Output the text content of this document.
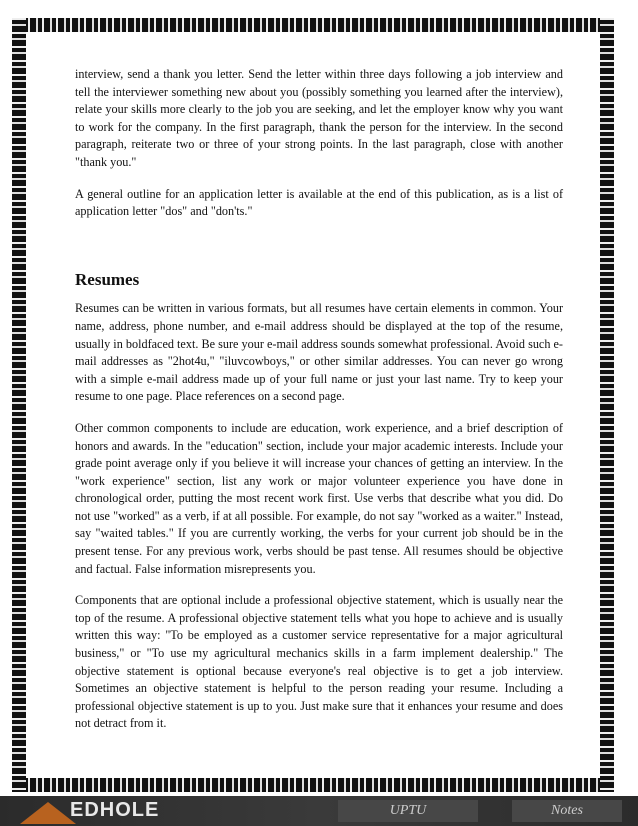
interview, send a thank you letter. Send the letter within three days following a job interview and tell the interviewer something new about you (possibly something you learned after the interview), relate your skills more clearly to the job you are seeking, and let the employer know why you want to work for the company. In the first paragraph, thank the person for the interview. In the second paragraph, reiterate two or three of your strong points. In the last paragraph, close with another "thank you."

A general outline for an application letter is available at the end of this publication, as is a list of application letter "dos" and "don'ts."

Resumes

Resumes can be written in various formats, but all resumes have certain elements in common. Your name, address, phone number, and e-mail address should be displayed at the top of the resume, usually in boldfaced text. Be sure your e-mail address sounds somewhat professional. Avoid such e-mail addresses as "2hot4u," "iluvcowboys," or other similar addresses. You can never go wrong with a simple e-mail address made up of your full name or just your last name. Try to keep your resume to one page. Place references on a second page.

Other common components to include are education, work experience, and a brief description of honors and awards. In the "education" section, include your major academic interests. Include your grade point average only if you believe it will increase your chances of getting an interview. In the "work experience" section, list any work or major volunteer experience you have done in chronological order, putting the most recent work first. Use verbs that describe what you did. Do not use "worked" as a verb, if at all possible. For example, do not say "worked as a waiter." Instead, say "waited tables." If you are currently working, the verbs for your current job should be in the present tense. For any previous work, verbs should be past tense. All resumes should be objective and factual. False information misrepresents you.

Components that are optional include a professional objective statement, which is usually near the top of the resume. A professional objective statement tells what you hope to achieve and is usually written this way: "To be employed as a customer service representative for a major agricultural business," or "To use my agricultural mechanics skills in a farm implement dealership." The objective statement is optional because everyone's real objective is to get a job interview. Sometimes an objective statement is helpful to the person reading your resume. Including a professional objective statement is up to you. Just make sure that it enhances your resume and does not detract from it.

EDHOLE	UPTU	Notes
